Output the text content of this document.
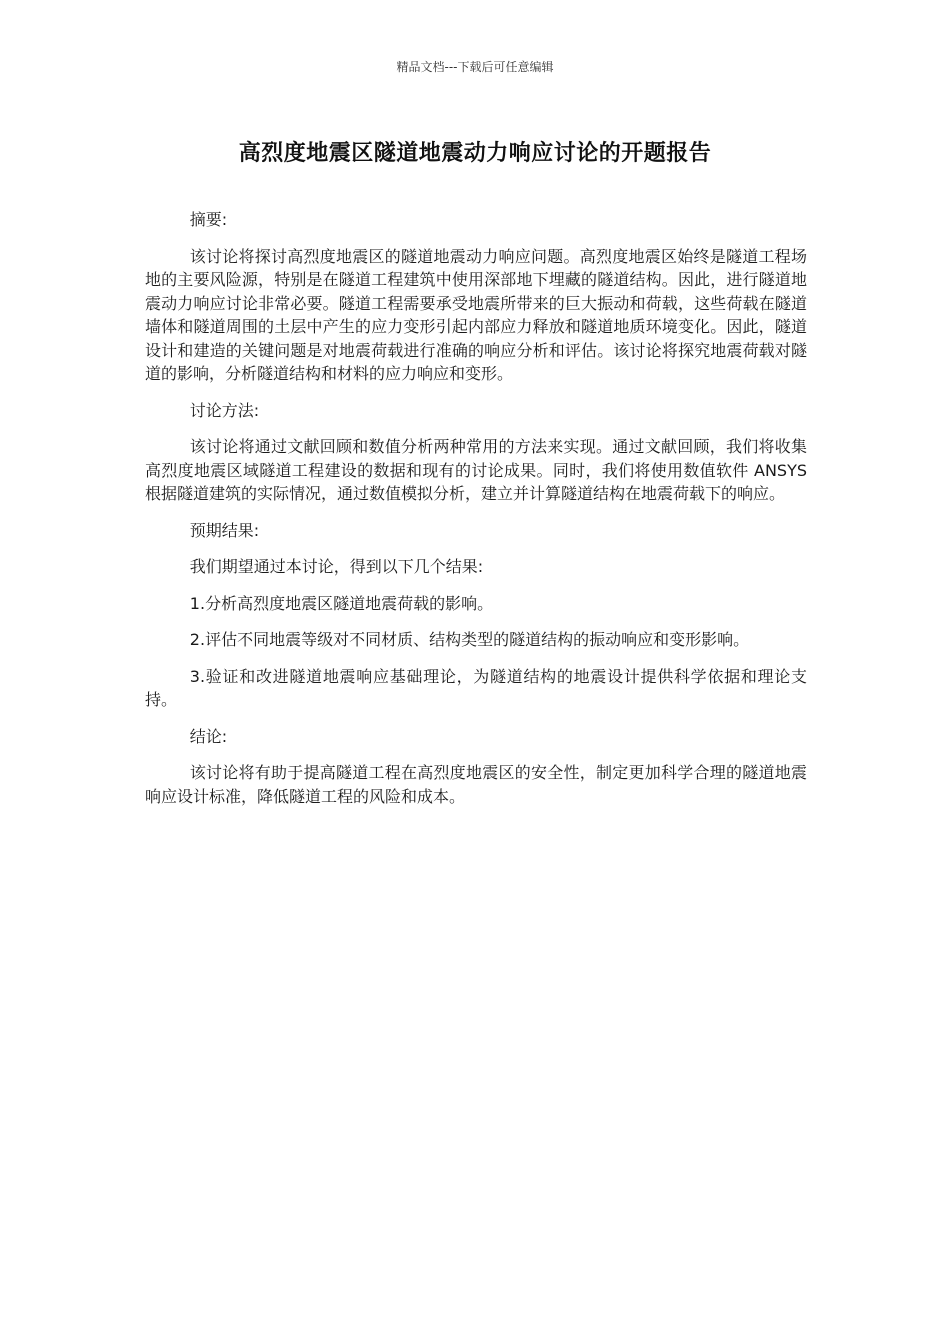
精品文档---下载后可任意编辑
高烈度地震区隧道地震动力响应讨论的开题报告

摘要:

该讨论将探讨高烈度地震区的隧道地震动力响应问题。高烈度地震区始终是隧道工程场地的主要风险源，特别是在隧道工程建筑中使用深部地下埋藏的隧道结构。因此，进行隧道地震动力响应讨论非常必要。隧道工程需要承受地震所带来的巨大振动和荷载，这些荷载在隧道墙体和隧道周围的土层中产生的应力变形引起内部应力释放和隧道地质环境变化。因此，隧道设计和建造的关键问题是对地震荷载进行准确的响应分析和评估。该讨论将探究地震荷载对隧道的影响，分析隧道结构和材料的应力响应和变形。

讨论方法:

该讨论将通过文献回顾和数值分析两种常用的方法来实现。通过文献回顾，我们将收集高烈度地震区域隧道工程建设的数据和现有的讨论成果。同时，我们将使用数值软件 ANSYS 根据隧道建筑的实际情况，通过数值模拟分析，建立并计算隧道结构在地震荷载下的响应。

预期结果:

我们期望通过本讨论，得到以下几个结果:

1.分析高烈度地震区隧道地震荷载的影响。

2.评估不同地震等级对不同材质、结构类型的隧道结构的振动响应和变形影响。

3.验证和改进隧道地震响应基础理论，为隧道结构的地震设计提供科学依据和理论支持。

结论:

该讨论将有助于提高隧道工程在高烈度地震区的安全性，制定更加科学合理的隧道地震响应设计标准，降低隧道工程的风险和成本。
